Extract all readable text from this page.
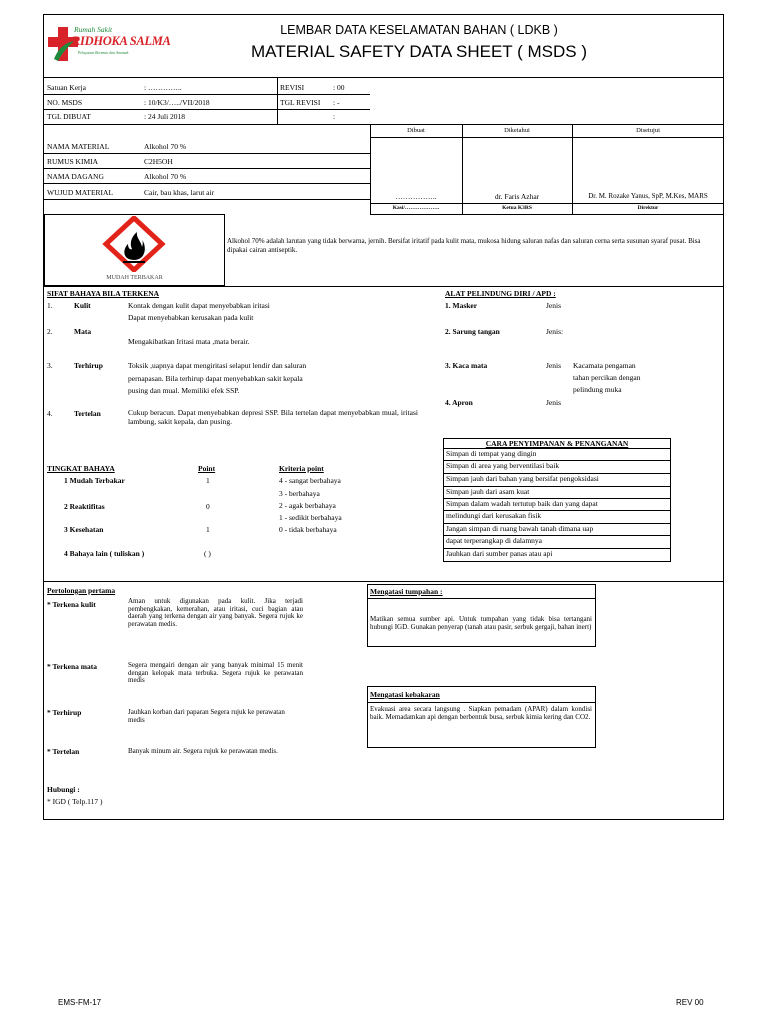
Rumah Sakit
RIDHOKA SALMA
Pelayanan Bermutu dan Amanah
LEMBAR DATA KESELAMATAN BAHAN ( LDKB )
MATERIAL SAFETY DATA SHEET ( MSDS )
Satuan Kerja	: …………..
NO. MSDS	: 10/K3/…../VII/2018
TGL DIBUAT	: 24 Juli 2018
REVISI	: 00
TGL REVISI : -
:
NAMA MATERIAL	Alkohol 70 %
RUMUS KIMIA	C2H5OH
NAMA DAGANG	Alkohol 70 %
WUJUD MATERIAL	Cair, bau khas, larut air
Dibuat	Diketahui	Disetujui
……………..	dr. Faris Azhar	Dr. M. Rozake Yanus, SpP, M.Kes, MARS
Kasi/……………….	Ketua K3RS	Direktur
MUDAH TERBAKAR
Alkohol 70% adalah larutan yang tidak berwarna, jernih. Bersifat iritatif pada kulit mata, mukosa hidung saluran nafas dan saluran cerna serta susunan syaraf pusat. Bisa dipakai cairan antiseptik.
SIFAT BAHAYA BILA TERKENA
1.	Kulit	Kontak dengan kulit dapat menyebabkan iritasi
Dapat menyebabkan kerusakan pada kulit
2.	Mata
Mengakibatkan Iritasi mata ,mata berair.
3.	Terhirup	Toksik ,uapnya dapat mengiritasi selaput lendir dan saluran
pernapasan. Bila terhirup dapat menyebabkan sakit kepala
pusing dan mual. Memiliki efek SSP.
4.	Tertelan	Cukup beracun. Dapat menyebabkan depresi SSP. Bila tertelan dapat menyebabkan mual, iritasi lambung, sakit kepala, dan pusing.
ALAT PELINDUNG DIRI / APD :
1. Masker	Jenis
2. Sarung tangan	Jenis:
3. Kaca mata	Jenis Kacamata pengaman
tahan percikan dengan
pelindung muka
4. Apron	Jenis
CARA PENYIMPANAN & PENANGANAN
Simpan di tempat yang dingin
Simpan di area yang berventilasi baik
Simpan jauh dari bahan yang bersifat pengoksidasi
Simpan jauh dari asam kuat
Simpan dalam wadah tertutup baik dan yang dapat
melindungi dari kerusakan fisik
Jangan simpan di ruang bawah tanah dimana uap
dapat terperangkap di dalamnya
Jauhkan dari sumber panas atau api
TINGKAT BAHAYA	Point	Kriteria point
1 Mudah Terbakar	1
2 Reaktifitas	0
3 Kesehatan	1
4 Bahaya lain ( tuliskan )	( )
4 - sangat berbahaya
3 - berbahaya
2 - agak berbahaya
1 - sedikit berbahaya
0 - tidak berbahaya
Pertolongan pertama
* Terkena kulit	Aman untuk digunakan pada kulit. Jika terjadi pembengkakan, kemerahan, atau iritasi, cuci bagian atau daerah yang terkena dengan air yang banyak. Segera rujuk ke perawatan medis.
* Terkena mata	Segera mengairi dengan air yang banyak minimal 15 menit dengan kelopak mata terbuka. Segera rujuk ke perawatan medis
* Terhirup	Jauhkan korban dari paparan Segera rujuk ke perawatan medis
* Tertelan	Banyak minum air. Segera rujuk ke perawatan medis.
Hubungi :
* IGD ( Telp.117 )
Mengatasi tumpahan :
Matikan semua sumber api. Untuk tumpahan yang tidak bisa tertangani hubungi IGD. Gunakan penyerap (tanah atau pasir, serbuk gergaji, bahan inert)
Mengatasi kebakaran
Evakuasi area secara langsung . Siapkan pemadam (APAR) dalam kondisi baik. Memadamkan api dengan berbentuk busa, serbuk kimia kering dan CO2.
EMS-FM-17	REV 00
